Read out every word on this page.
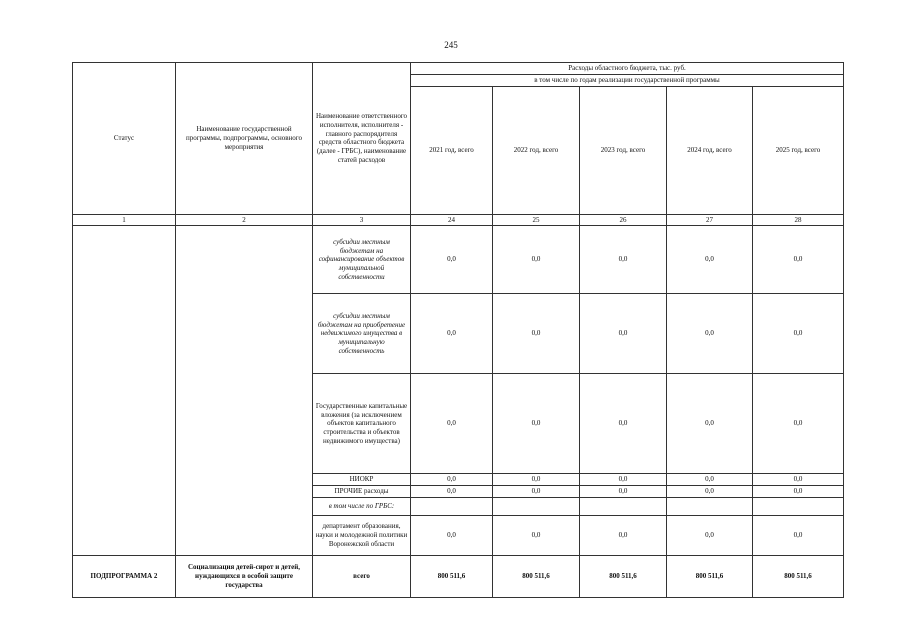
245
Статус	Наименование государственной программы, подпрограммы, основного мероприятия	Наименование ответственного исполнителя, исполнителя - главного распорядителя средств областного бюджета (далее - ГРБС), наименование статей расходов	Расходы областного бюджета, тыс. руб.				
			в том числе по годам реализации государственной программы				
			2021 год, всего	2022 год, всего	2023 год, всего	2024 год, всего	2025 год, всего
1	2	3	24	25	26	27	28
		субсидии местным бюджетам на софинансирование объектов муниципальной собственности	0,0	0,0	0,0	0,0	0,0
		субсидии местным бюджетам на приобретение недвижимого имущества в муниципальную собственность	0,0	0,0	0,0	0,0	0,0
		Государственные капитальные вложения (за исключением объектов капитального строительства и объектов недвижимого имущества)	0,0	0,0	0,0	0,0	0,0
		НИОКР	0,0	0,0	0,0	0,0	0,0
		ПРОЧИЕ расходы	0,0	0,0	0,0	0,0	0,0
		в том числе по ГРБС:					
		департамент образования, науки и молодежной политики Воронежской области	0,0	0,0	0,0	0,0	0,0
ПОДПРОГРАММА 2	Социализация детей-сирот и детей, нуждающихся в особой защите государства	всего	800 511,6	800 511,6	800 511,6	800 511,6	800 511,6
